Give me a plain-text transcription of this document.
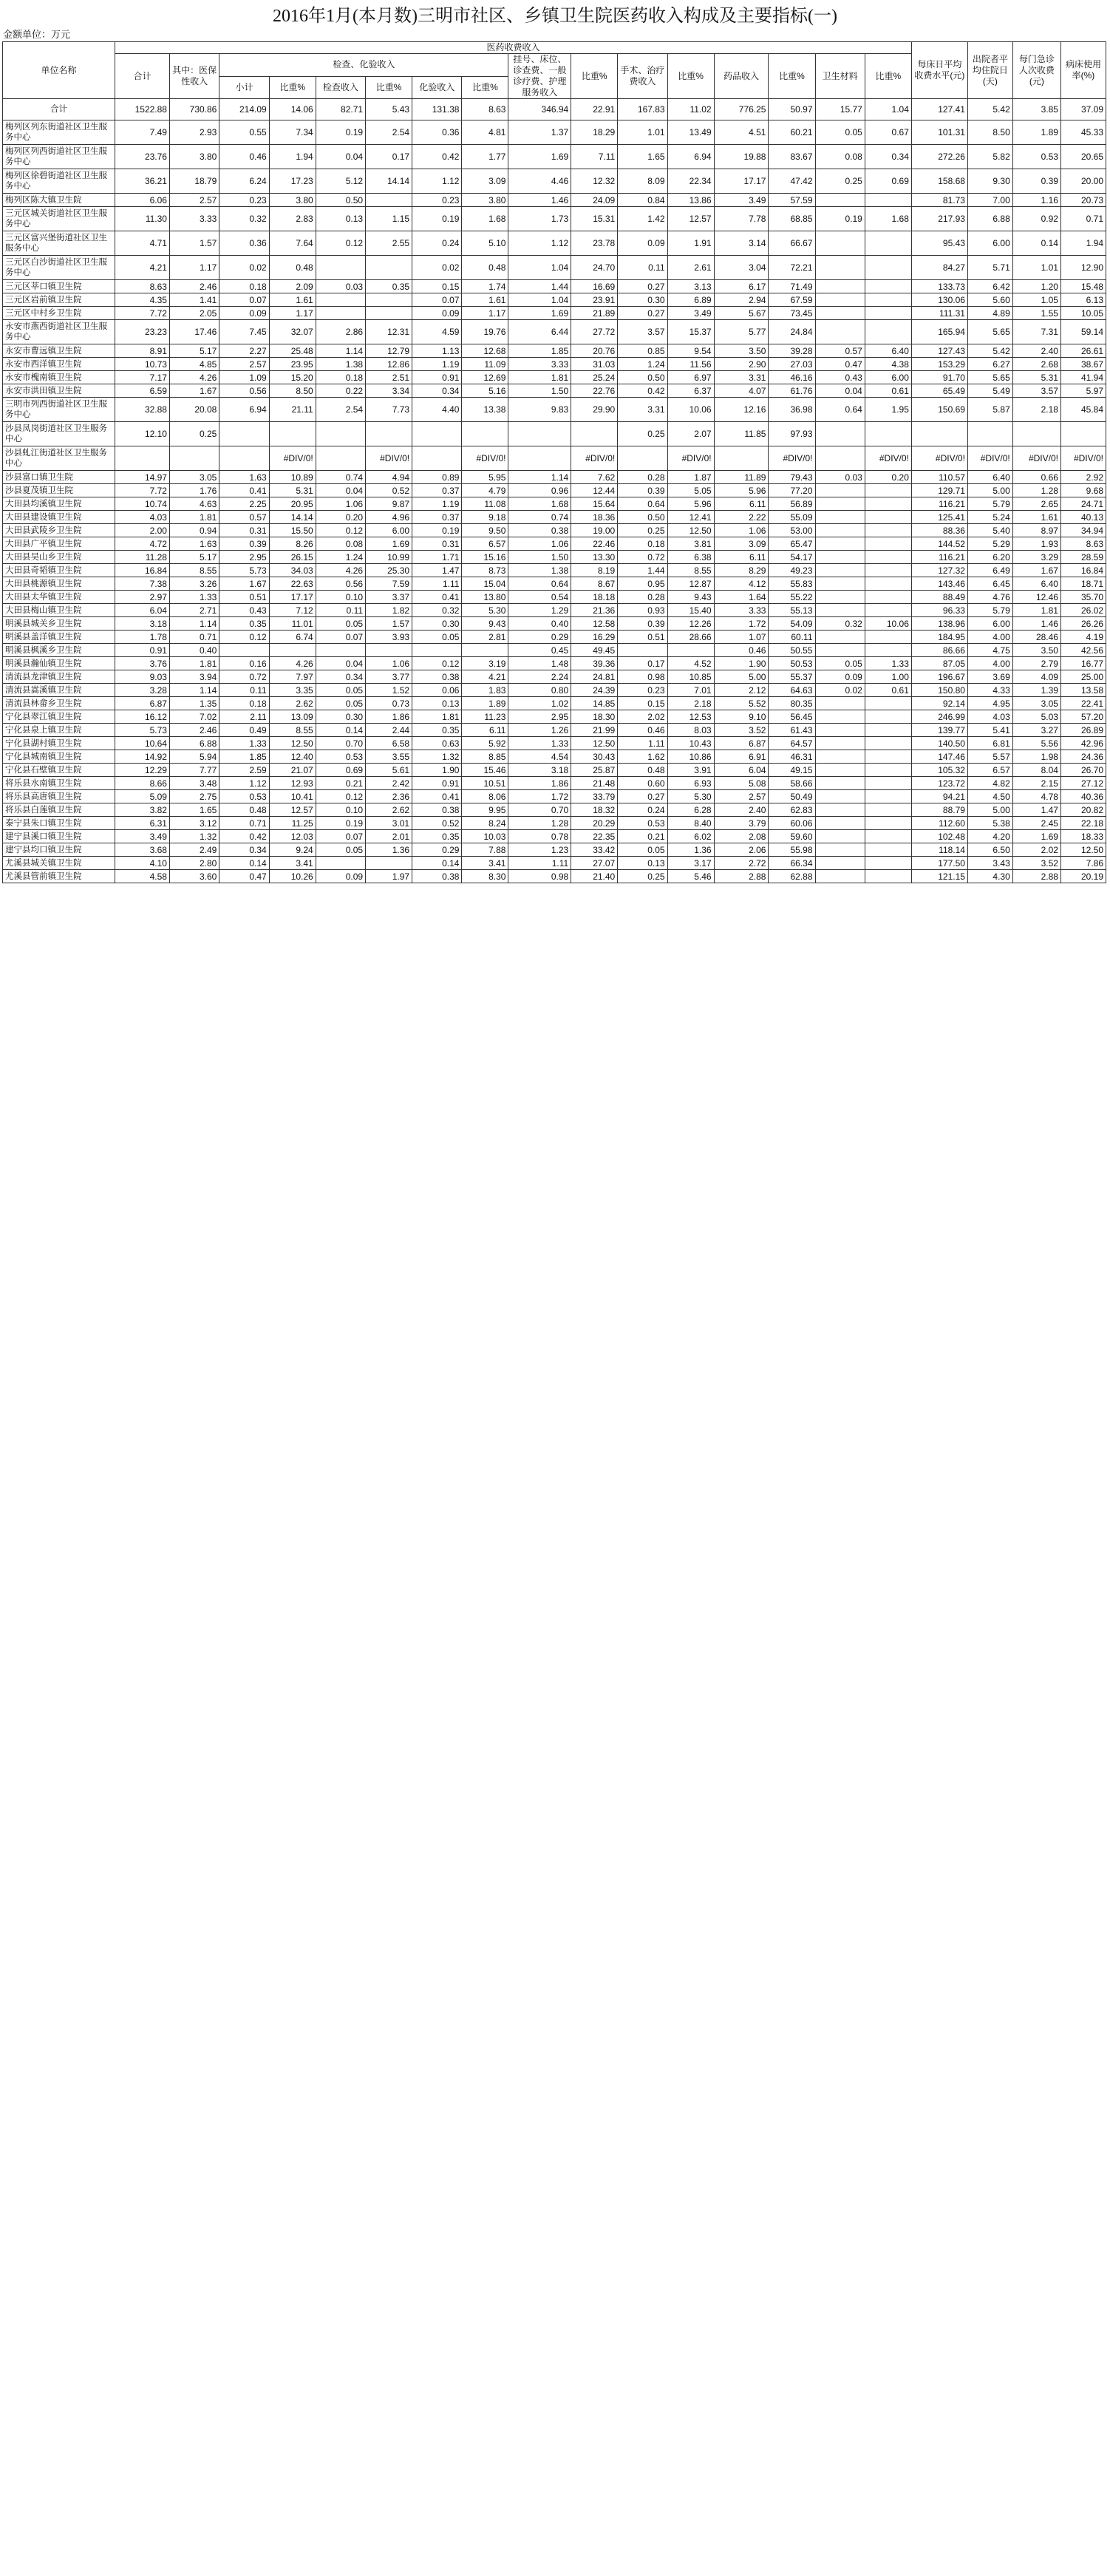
2016年1月(本月数)三明市社区、乡镇卫生院医药收入构成及主要指标(一)
金额单位：万元
单位名称	医药收费收入																每床日平均收费水平(元)	出院者平均住院日(天)	每门急诊人次收费(元)	病床使用率(%)
	合计	其中：医保性收入	检查、化验收入						挂号、床位、诊查费、一般诊疗费、护理服务收入	比重%	手术、治疗费收入	比重%	药品收入	比重%	卫生材料	比重%				
			小计	比重%	检查收入	比重%	化验收入	比重%												
合计	1522.88	730.86	214.09	14.06	82.71	5.43	131.38	8.63	346.94	22.91	167.83	11.02	776.25	50.97	15.77	1.04	127.41	5.42	3.85	37.09
梅列区列东街道社区卫生服务中心	7.49	2.93	0.55	7.34	0.19	2.54	0.36	4.81	1.37	18.29	1.01	13.49	4.51	60.21	0.05	0.67	101.31	8.50	1.89	45.33
梅列区列西街道社区卫生服务中心	23.76	3.80	0.46	1.94	0.04	0.17	0.42	1.77	1.69	7.11	1.65	6.94	19.88	83.67	0.08	0.34	272.26	5.82	0.53	20.65
梅列区徐碧街道社区卫生服务中心	36.21	18.79	6.24	17.23	5.12	14.14	1.12	3.09	4.46	12.32	8.09	22.34	17.17	47.42	0.25	0.69	158.68	9.30	0.39	20.00
梅列区陈大镇卫生院	6.06	2.57	0.23	3.80	0.50		0.23	3.80	1.46	24.09	0.84	13.86	3.49	57.59			81.73	7.00	1.16	20.73
三元区城关街道社区卫生服务中心	11.30	3.33	0.32	2.83	0.13	1.15	0.19	1.68	1.73	15.31	1.42	12.57	7.78	68.85	0.19	1.68	217.93	6.88	0.92	0.71
三元区富兴堡街道社区卫生服务中心	4.71	1.57	0.36	7.64	0.12	2.55	0.24	5.10	1.12	23.78	0.09	1.91	3.14	66.67			95.43	6.00	0.14	1.94
三元区白沙街道社区卫生服务中心	4.21	1.17	0.02	0.48			0.02	0.48	1.04	24.70	0.11	2.61	3.04	72.21			84.27	5.71	1.01	12.90
三元区莘口镇卫生院	8.63	2.46	0.18	2.09	0.03	0.35	0.15	1.74	1.44	16.69	0.27	3.13	6.17	71.49			133.73	6.42	1.20	15.48
三元区岩前镇卫生院	4.35	1.41	0.07	1.61			0.07	1.61	1.04	23.91	0.30	6.89	2.94	67.59			130.06	5.60	1.05	6.13
三元区中村乡卫生院	7.72	2.05	0.09	1.17			0.09	1.17	1.69	21.89	0.27	3.49	5.67	73.45			111.31	4.89	1.55	10.05
永安市燕西街道社区卫生服务中心	23.23	17.46	7.45	32.07	2.86	12.31	4.59	19.76	6.44	27.72	3.57	15.37	5.77	24.84			165.94	5.65	7.31	59.14
永安市曹远镇卫生院	8.91	5.17	2.27	25.48	1.14	12.79	1.13	12.68	1.85	20.76	0.85	9.54	3.50	39.28	0.57	6.40	127.43	5.42	2.40	26.61
永安市西洋镇卫生院	10.73	4.85	2.57	23.95	1.38	12.86	1.19	11.09	3.33	31.03	1.24	11.56	2.90	27.03	0.47	4.38	153.29	6.27	2.68	38.67
永安市槐南镇卫生院	7.17	4.26	1.09	15.20	0.18	2.51	0.91	12.69	1.81	25.24	0.50	6.97	3.31	46.16	0.43	6.00	91.70	5.65	5.31	41.94
永安市洪田镇卫生院	6.59	1.67	0.56	8.50	0.22	3.34	0.34	5.16	1.50	22.76	0.42	6.37	4.07	61.76	0.04	0.61	65.49	5.49	3.57	5.97
三明市列西街道社区卫生服务中心	32.88	20.08	6.94	21.11	2.54	7.73	4.40	13.38	9.83	29.90	3.31	10.06	12.16	36.98	0.64	1.95	150.69	5.87	2.18	45.84
沙县凤岗街道社区卫生服务中心	12.10	0.25									0.25	2.07	11.85	97.93						
沙县虬江街道社区卫生服务中心				#DIV/0!		#DIV/0!		#DIV/0!		#DIV/0!		#DIV/0!		#DIV/0!		#DIV/0!	#DIV/0!	#DIV/0!	#DIV/0!	#DIV/0!
沙县富口镇卫生院	14.97	3.05	1.63	10.89	0.74	4.94	0.89	5.95	1.14	7.62	0.28	1.87	11.89	79.43	0.03	0.20	110.57	6.40	0.66	2.92
沙县夏茂镇卫生院	7.72	1.76	0.41	5.31	0.04	0.52	0.37	4.79	0.96	12.44	0.39	5.05	5.96	77.20			129.71	5.00	1.28	9.68
大田县均溪镇卫生院	10.74	4.63	2.25	20.95	1.06	9.87	1.19	11.08	1.68	15.64	0.64	5.96	6.11	56.89			116.21	5.79	2.65	24.71
大田县建设镇卫生院	4.03	1.81	0.57	14.14	0.20	4.96	0.37	9.18	0.74	18.36	0.50	12.41	2.22	55.09			125.41	5.24	1.61	40.13
大田县武陵乡卫生院	2.00	0.94	0.31	15.50	0.12	6.00	0.19	9.50	0.38	19.00	0.25	12.50	1.06	53.00			88.36	5.40	8.97	34.94
大田县广平镇卫生院	4.72	1.63	0.39	8.26	0.08	1.69	0.31	6.57	1.06	22.46	0.18	3.81	3.09	65.47			144.52	5.29	1.93	8.63
大田县吴山乡卫生院	11.28	5.17	2.95	26.15	1.24	10.99	1.71	15.16	1.50	13.30	0.72	6.38	6.11	54.17			116.21	6.20	3.29	28.59
大田县奇韬镇卫生院	16.84	8.55	5.73	34.03	4.26	25.30	1.47	8.73	1.38	8.19	1.44	8.55	8.29	49.23			127.32	6.49	1.67	16.84
大田县桃源镇卫生院	7.38	3.26	1.67	22.63	0.56	7.59	1.11	15.04	0.64	8.67	0.95	12.87	4.12	55.83			143.46	6.45	6.40	18.71
大田县太华镇卫生院	2.97	1.33	0.51	17.17	0.10	3.37	0.41	13.80	0.54	18.18	0.28	9.43	1.64	55.22			88.49	4.76	12.46	35.70
大田县梅山镇卫生院	6.04	2.71	0.43	7.12	0.11	1.82	0.32	5.30	1.29	21.36	0.93	15.40	3.33	55.13			96.33	5.79	1.81	26.02
明溪县城关乡卫生院	3.18	1.14	0.35	11.01	0.05	1.57	0.30	9.43	0.40	12.58	0.39	12.26	1.72	54.09	0.32	10.06	138.96	6.00	1.46	26.26
明溪县盖洋镇卫生院	1.78	0.71	0.12	6.74	0.07	3.93	0.05	2.81	0.29	16.29	0.51	28.66	1.07	60.11			184.95	4.00	28.46	4.19
明溪县枫溪乡卫生院	0.91	0.40							0.45	49.45			0.46	50.55			86.66	4.75	3.50	42.56
明溪县瀚仙镇卫生院	3.76	1.81	0.16	4.26	0.04	1.06	0.12	3.19	1.48	39.36	0.17	4.52	1.90	50.53	0.05	1.33	87.05	4.00	2.79	16.77
清流县龙津镇卫生院	9.03	3.94	0.72	7.97	0.34	3.77	0.38	4.21	2.24	24.81	0.98	10.85	5.00	55.37	0.09	1.00	196.67	3.69	4.09	25.00
清流县嵩溪镇卫生院	3.28	1.14	0.11	3.35	0.05	1.52	0.06	1.83	0.80	24.39	0.23	7.01	2.12	64.63	0.02	0.61	150.80	4.33	1.39	13.58
清流县林畲乡卫生院	6.87	1.35	0.18	2.62	0.05	0.73	0.13	1.89	1.02	14.85	0.15	2.18	5.52	80.35			92.14	4.95	3.05	22.41
宁化县翠江镇卫生院	16.12	7.02	2.11	13.09	0.30	1.86	1.81	11.23	2.95	18.30	2.02	12.53	9.10	56.45			246.99	4.03	5.03	57.20
宁化县泉上镇卫生院	5.73	2.46	0.49	8.55	0.14	2.44	0.35	6.11	1.26	21.99	0.46	8.03	3.52	61.43			139.77	5.41	3.27	26.89
宁化县湖村镇卫生院	10.64	6.88	1.33	12.50	0.70	6.58	0.63	5.92	1.33	12.50	1.11	10.43	6.87	64.57			140.50	6.81	5.56	42.96
宁化县城南镇卫生院	14.92	5.94	1.85	12.40	0.53	3.55	1.32	8.85	4.54	30.43	1.62	10.86	6.91	46.31			147.46	5.57	1.98	24.36
宁化县石壁镇卫生院	12.29	7.77	2.59	21.07	0.69	5.61	1.90	15.46	3.18	25.87	0.48	3.91	6.04	49.15			105.32	6.57	8.04	26.70
将乐县水南镇卫生院	8.66	3.48	1.12	12.93	0.21	2.42	0.91	10.51	1.86	21.48	0.60	6.93	5.08	58.66			123.72	4.82	2.15	27.12
将乐县高唐镇卫生院	5.09	2.75	0.53	10.41	0.12	2.36	0.41	8.06	1.72	33.79	0.27	5.30	2.57	50.49			94.21	4.50	4.78	40.36
将乐县白莲镇卫生院	3.82	1.65	0.48	12.57	0.10	2.62	0.38	9.95	0.70	18.32	0.24	6.28	2.40	62.83			88.79	5.00	1.47	20.82
泰宁县朱口镇卫生院	6.31	3.12	0.71	11.25	0.19	3.01	0.52	8.24	1.28	20.29	0.53	8.40	3.79	60.06			112.60	5.38	2.45	22.18
建宁县溪口镇卫生院	3.49	1.32	0.42	12.03	0.07	2.01	0.35	10.03	0.78	22.35	0.21	6.02	2.08	59.60			102.48	4.20	1.69	18.33
建宁县均口镇卫生院	3.68	2.49	0.34	9.24	0.05	1.36	0.29	7.88	1.23	33.42	0.05	1.36	2.06	55.98			118.14	6.50	2.02	12.50
尤溪县城关镇卫生院	4.10	2.80	0.14	3.41			0.14	3.41	1.11	27.07	0.13	3.17	2.72	66.34			177.50	3.43	3.52	7.86
尤溪县管前镇卫生院	4.58	3.60	0.47	10.26	0.09	1.97	0.38	8.30	0.98	21.40	0.25	5.46	2.88	62.88			121.15	4.30	2.88	20.19
